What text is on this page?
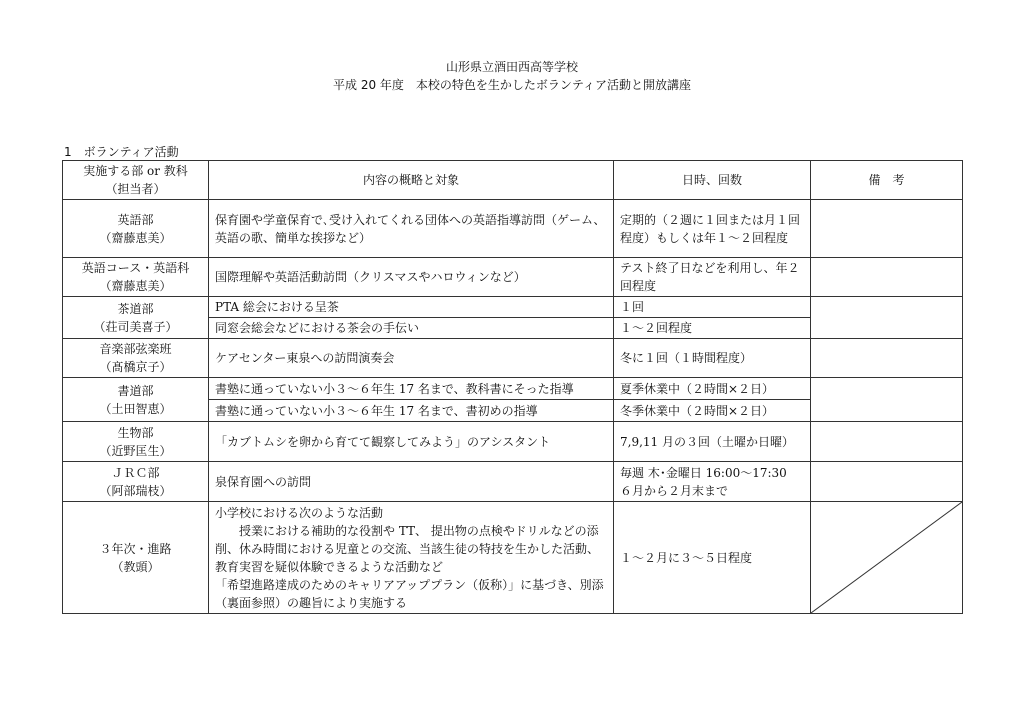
山形県立酒田西高等学校
平成 20 年度　本校の特色を生かしたボランティア活動と開放講座
1　ボランティア活動
実施する部 or 教科
（担当者）	内容の概略と対象	日時、回数	備　考

英語部
（齋藤恵美）	保育園や学童保育で､受け入れてくれる団体への英語指導訪問（ゲーム、英語の歌、簡単な挨拶など）	定期的（２週に１回または月１回程度）もしくは年１～２回程度	

英語コース・英語科
（齋藤恵美）	国際理解や英語活動訪問（クリスマスやハロウィンなど）	テスト終了日などを利用し、年２回程度	

茶道部
（荘司美喜子）	PTA 総会における呈茶	１回	
	同窓会総会などにおける茶会の手伝い	１～２回程度	

音楽部弦楽班
（髙橋京子）	ケアセンター東泉への訪問演奏会	冬に１回（１時間程度）	

書道部
（土田智恵）	書塾に通っていない小３～６年生 17 名まで、教科書にそった指導	夏季休業中（２時間×２日）	
	書塾に通っていない小３～６年生 17 名まで、書初めの指導	冬季休業中（２時間×２日）	

生物部
（近野匡生）	「カブトムシを卵から育てて観察してみよう」のアシスタント	7,9,11 月の３回（土曜か日曜）	

ＪＲＣ部
（阿部瑞枝）	泉保育園への訪問	毎週 木･金曜日 16:00～17:30
６月から２月末まで	

３年次・進路
（教頭）	小学校における次のような活動
授業における補助的な役割や TT、 提出物の点検やドリルなどの添削、休み時間における児童との交流、当該生徒の特技を生かした活動、教育実習を疑似体験できるような活動など
「希望進路達成のためのキャリアアッププラン（仮称）」に基づき、別添（裏面参照）の趣旨により実施する	１～２月に３～５日程度	
